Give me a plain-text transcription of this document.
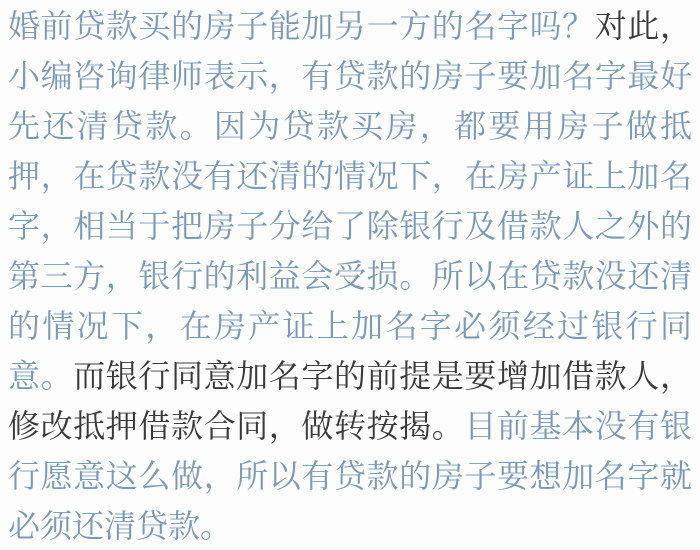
婚前贷款买的房子能加另一方的名字吗？对此，
小编咨询律师表示，有贷款的房子要加名字最好
先还清贷款。因为贷款买房，都要用房子做抵
押，在贷款没有还清的情况下，在房产证上加名
字，相当于把房子分给了除银行及借款人之外的
第三方，银行的利益会受损。所以在贷款没还清
的情况下，在房产证上加名字必须经过银行同
意。而银行同意加名字的前提是要增加借款人，
修改抵押借款合同，做转按揭。目前基本没有银
行愿意这么做，所以有贷款的房子要想加名字就
必须还清贷款。
